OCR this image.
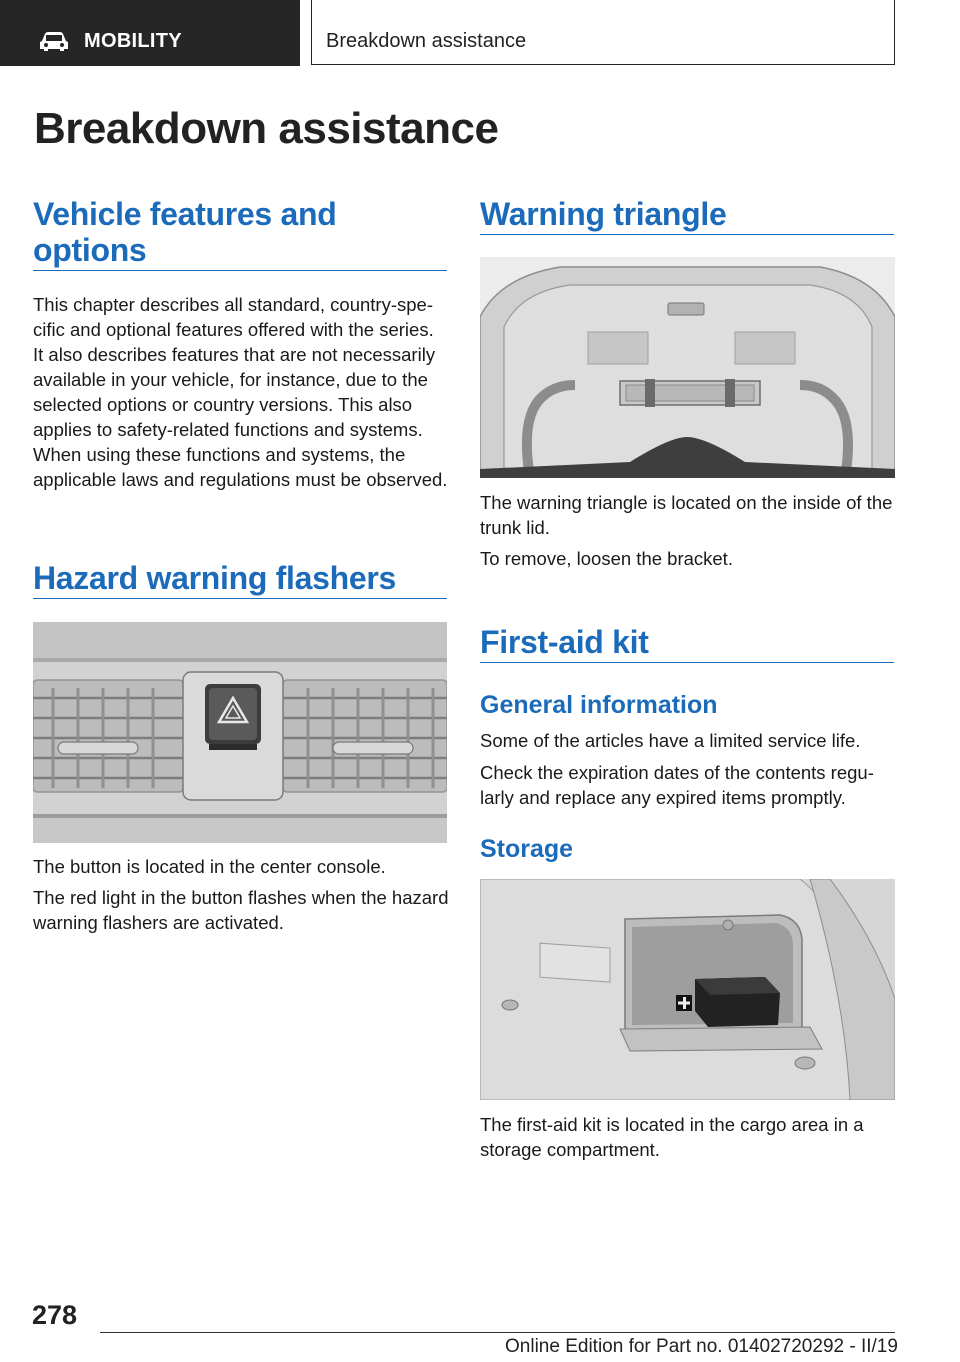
MOBILITY	Breakdown assistance
Breakdown assistance
Vehicle features and options

This chapter describes all standard, country-specific and optional features offered with the series. It also describes features that are not necessarily available in your vehicle, for instance, due to the selected options or country versions. This also applies to safety-related functions and systems. When using these functions and systems, the applicable laws and regulations must be observed.

Hazard warning flashers

The button is located in the center console.

The red light in the button flashes when the hazard warning flashers are activated.

Warning triangle

The warning triangle is located on the inside of the trunk lid.

To remove, loosen the bracket.

First-aid kit
General information

Some of the articles have a limited service life.

Check the expiration dates of the contents regularly and replace any expired items promptly.

Storage

The first-aid kit is located in the cargo area in a storage compartment.

278
Online Edition for Part no. 01402720292 - II/19
